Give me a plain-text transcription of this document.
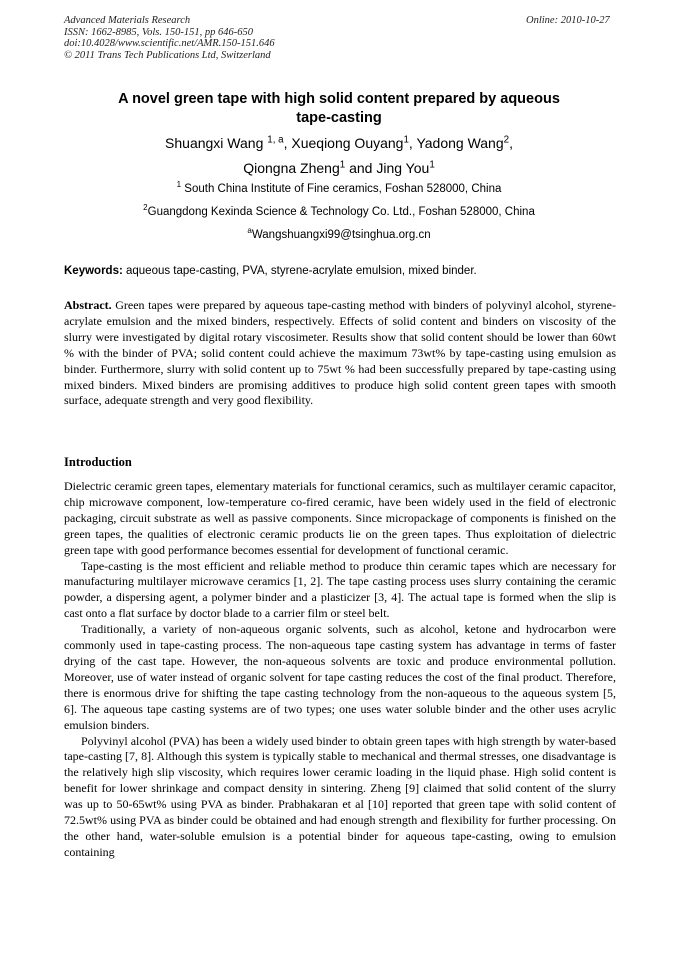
Advanced Materials Research
ISSN: 1662-8985, Vols. 150-151, pp 646-650
doi:10.4028/www.scientific.net/AMR.150-151.646
© 2011 Trans Tech Publications Ltd, Switzerland
Online: 2010-10-27
A novel green tape with high solid content prepared by aqueous
tape-casting
Shuangxi Wang $^{1, a}$, Xueqiong Ouyang$^1$, Yadong Wang$^2$,
Qiongna Zheng$^1$ and Jing You$^1$
$^1$ South China Institute of Fine ceramics, Foshan 528000, China
$^2$Guangdong Kexinda Science & Technology Co. Ltd., Foshan 528000, China
$^a$Wangshuangxi99@tsinghua.org.cn
Keywords: aqueous tape-casting, PVA, styrene-acrylate emulsion, mixed binder.
Abstract. Green tapes were prepared by aqueous tape-casting method with binders of polyvinyl alcohol, styrene-acrylate emulsion and the mixed binders, respectively. Effects of solid content and binders on viscosity of the slurry were investigated by digital rotary viscosimeter. Results show that solid content should be lower than 60wt % with the binder of PVA; solid content could achieve the maximum 73wt% by tape-casting using emulsion as binder. Furthermore, slurry with solid content up to 75wt % had been successfully prepared by tape-casting using mixed binders. Mixed binders are promising additives to produce high solid content green tapes with smooth surface, adequate strength and very good flexibility.
Introduction

Dielectric ceramic green tapes, elementary materials for functional ceramics, such as multilayer ceramic capacitor, chip microwave component, low-temperature co-fired ceramic, have been widely used in the field of electronic packaging, circuit substrate as well as passive components. Since micropackage of components is finished on the green tapes, the qualities of electronic ceramic products lie on the green tapes. Thus exploitation of dielectric green tape with good performance becomes essential for development of functional ceramic.

Tape-casting is the most efficient and reliable method to produce thin ceramic tapes which are necessary for manufacturing multilayer microwave ceramics [1, 2]. The tape casting process uses slurry containing the ceramic powder, a dispersing agent, a polymer binder and a plasticizer [3, 4]. The actual tape is formed when the slip is cast onto a flat surface by doctor blade to a carrier film or steel belt.

Traditionally, a variety of non-aqueous organic solvents, such as alcohol, ketone and hydrocarbon were commonly used in tape-casting process. The non-aqueous tape casting system has advantage in terms of faster drying of the cast tape. However, the non-aqueous solvents are toxic and produce environmental pollution. Moreover, use of water instead of organic solvent for tape casting reduces the cost of the final product. Therefore, there is enormous drive for shifting the tape casting technology from the non-aqueous to the aqueous system [5, 6]. The aqueous tape casting systems are of two types; one uses water soluble binder and the other uses acrylic emulsion binders.

Polyvinyl alcohol (PVA) has been a widely used binder to obtain green tapes with high strength by water-based tape-casting [7, 8]. Although this system is typically stable to mechanical and thermal stresses, one disadvantage is the relatively high slip viscosity, which requires lower ceramic loading in the liquid phase. High solid content is benefit for lower shrinkage and compact density in sintering. Zheng [9] claimed that solid content of the slurry was up to 50-65wt% using PVA as binder. Prabhakaran et al [10] reported that green tape with solid content of 72.5wt% using PVA as binder could be obtained and had enough strength and flexibility for further processing. On the other hand, water-soluble emulsion is a potential binder for aqueous tape-casting, owing to emulsion containing
